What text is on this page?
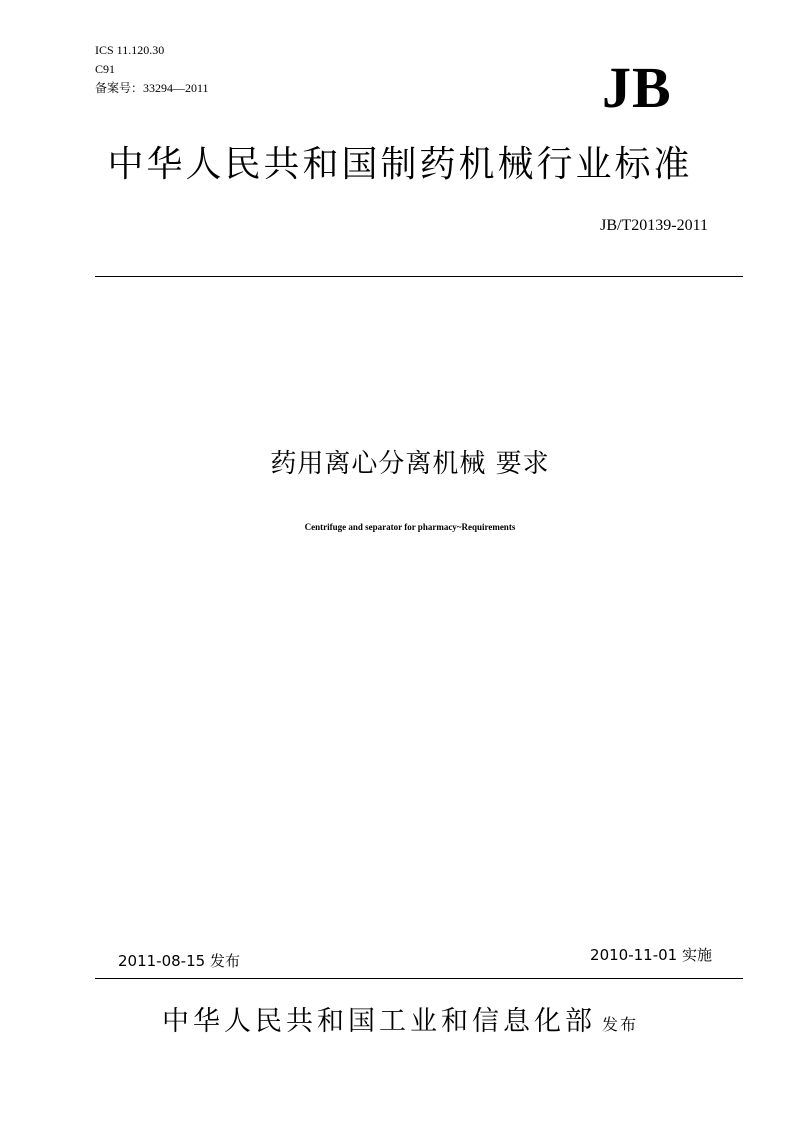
ICS 11.120.30
C91
备案号：33294—2011	JB
中华人民共和国制药机械行业标准
JB/T20139-2011
药用离心分离机械 要求
Centrifuge and separator for pharmacy~Requirements
2011-08-15 发布	2010-11-01 实施
中华人民共和国工业和信息化部 发布
